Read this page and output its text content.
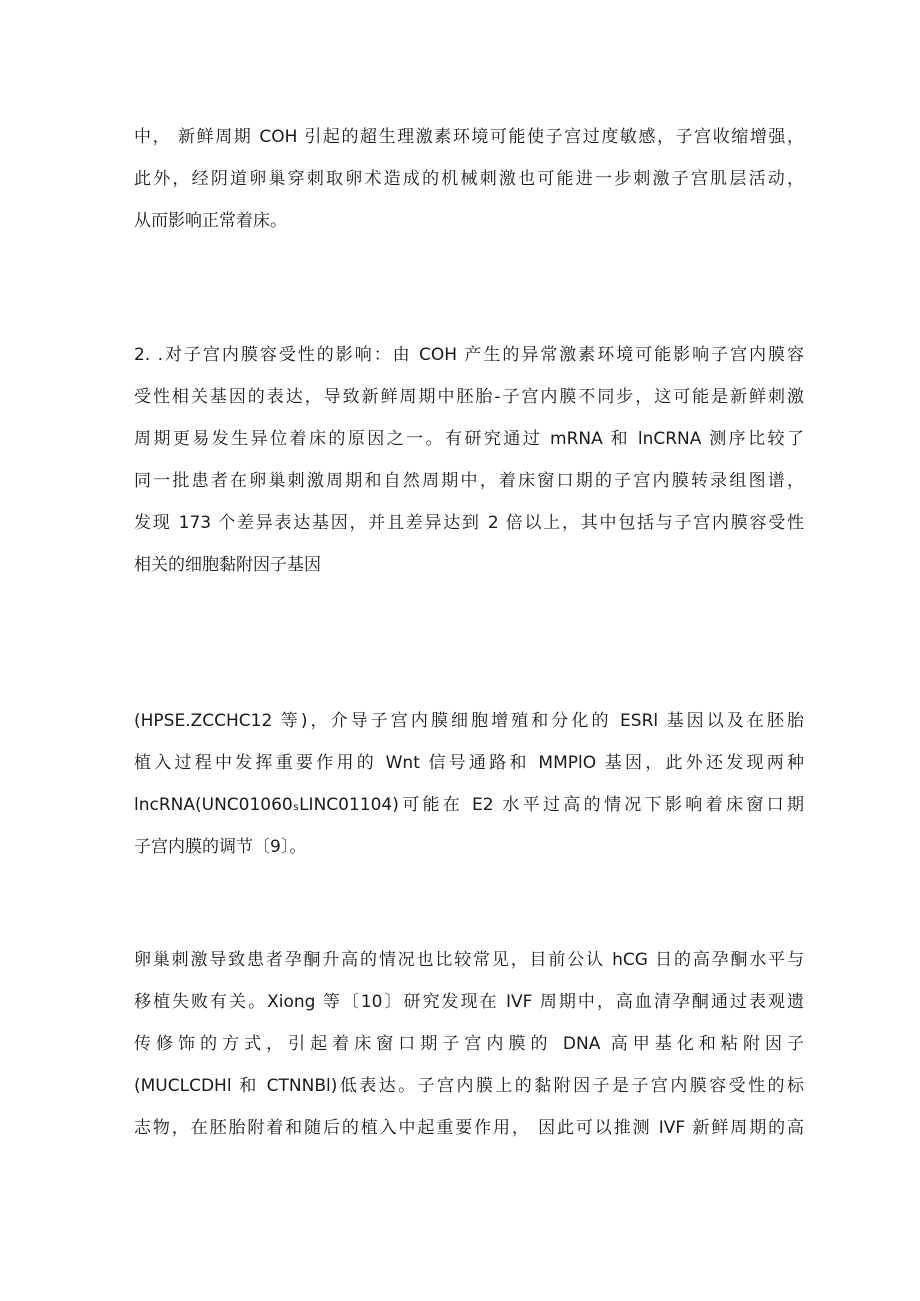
中， 新鲜周期 COH 引起的超生理激素环境可能使子宫过度敏感，子宫收缩增强，
此外，经阴道卵巢穿刺取卵术造成的机械刺激也可能进一步刺激子宫肌层活动，
从而影响正常着床。

2. .对子宫内膜容受性的影响：由 COH 产生的异常激素环境可能影响子宫内膜容
受性相关基因的表达，导致新鲜周期中胚胎-子宫内膜不同步，这可能是新鲜刺激
周期更易发生异位着床的原因之一。有研究通过 mRNA 和 lnCRNA 测序比较了
同一批患者在卵巢刺激周期和自然周期中，着床窗口期的子宫内膜转录组图谱，
发现 173 个差异表达基因，并且差异达到 2 倍以上，其中包括与子宫内膜容受性
相关的细胞黏附因子基因

(HPSE.ZCCHC12 等)，介导子宫内膜细胞增殖和分化的 ESRl 基因以及在胚胎
植入过程中发挥重要作用的 Wnt 信号通路和 MMPlO 基因，此外还发现两种
lncRNA(UNC01060ₛLINC01104)可能在 E2 水平过高的情况下影响着床窗口期
子宫内膜的调节〔9〕。

卵巢刺激导致患者孕酮升高的情况也比较常见，目前公认 hCG 日的高孕酮水平与
移植失败有关。Xiong 等〔10〕研究发现在 IVF 周期中，高血清孕酮通过表观遗
传修饰的方式，引起着床窗口期子宫内膜的 DNA 高甲基化和粘附因子
(MUCLCDHl 和 CTNNBl)低表达。子宫内膜上的黏附因子是子宫内膜容受性的标
志物，在胚胎附着和随后的植入中起重要作用， 因此可以推测 IVF 新鲜周期的高
